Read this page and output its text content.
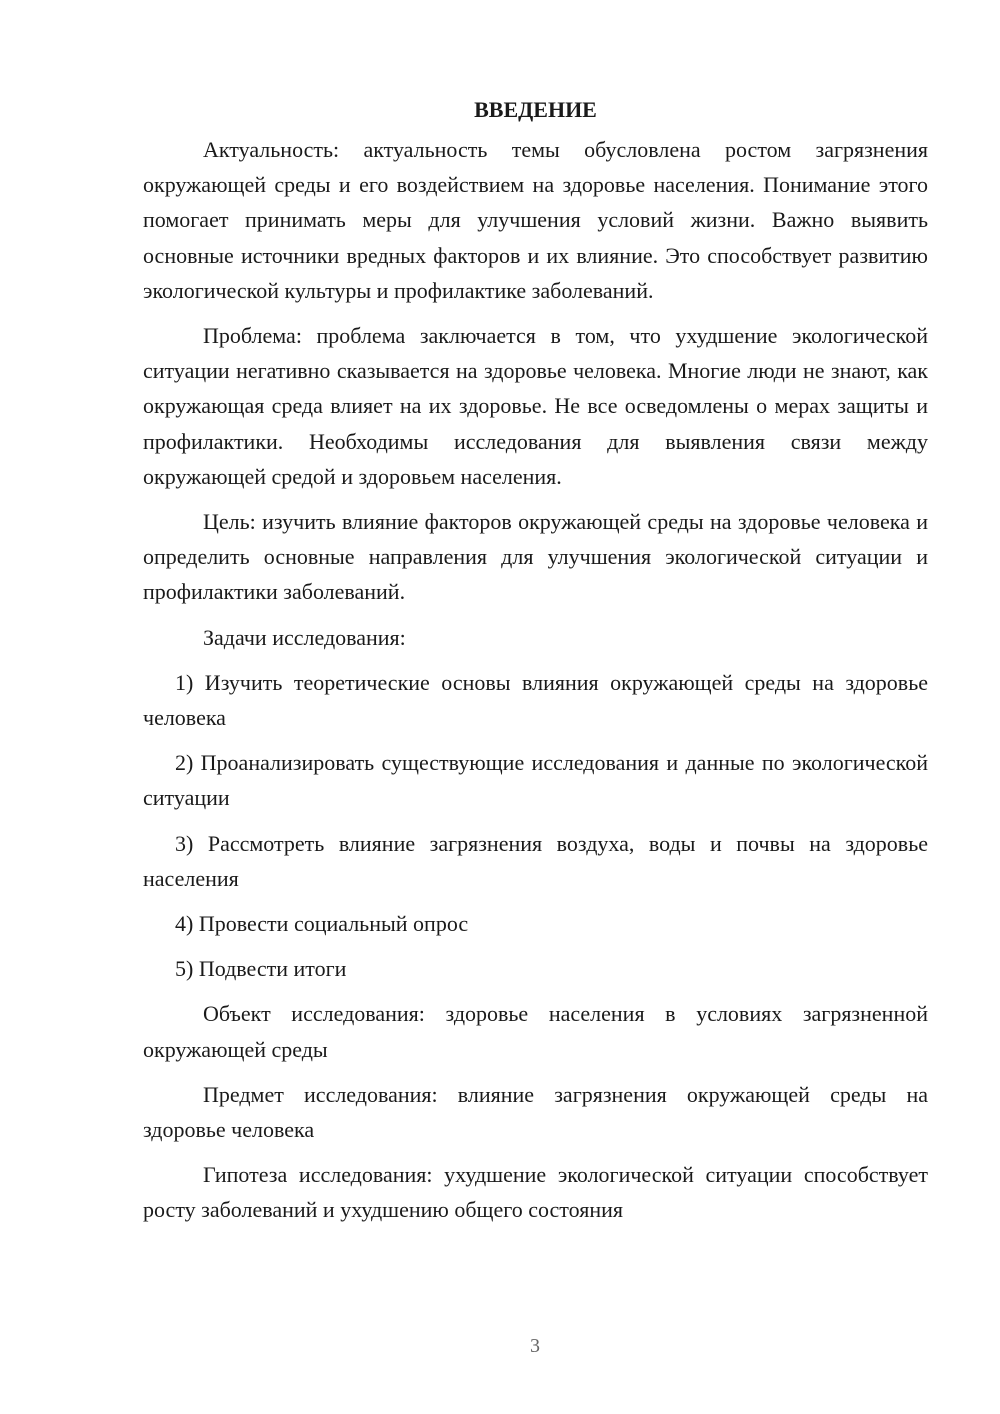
ВВЕДЕНИЕ

Актуальность: актуальность темы обусловлена ростом загрязнения окружающей среды и его воздействием на здоровье населения. Понимание этого помогает принимать меры для улучшения условий жизни. Важно выявить основные источники вредных факторов и их влияние. Это способствует развитию экологической культуры и профилактике заболеваний.

Проблема: проблема заключается в том, что ухудшение экологической ситуации негативно сказывается на здоровье человека. Многие люди не знают, как окружающая среда влияет на их здоровье. Не все осведомлены о мерах защиты и профилактики. Необходимы исследования для выявления связи между окружающей средой и здоровьем населения.

Цель: изучить влияние факторов окружающей среды на здоровье человека и определить основные направления для улучшения экологической ситуации и профилактики заболеваний.

Задачи исследования:

1) Изучить теоретические основы влияния окружающей среды на здоровье человека

2) Проанализировать существующие исследования и данные по экологической ситуации

3) Рассмотреть влияние загрязнения воздуха, воды и почвы на здоровье населения

4) Провести социальный опрос

5) Подвести итоги

Объект исследования: здоровье населения в условиях загрязненной окружающей среды

Предмет исследования: влияние загрязнения окружающей среды на здоровье человека

Гипотеза исследования: ухудшение экологической ситуации способствует росту заболеваний и ухудшению общего состояния

3
